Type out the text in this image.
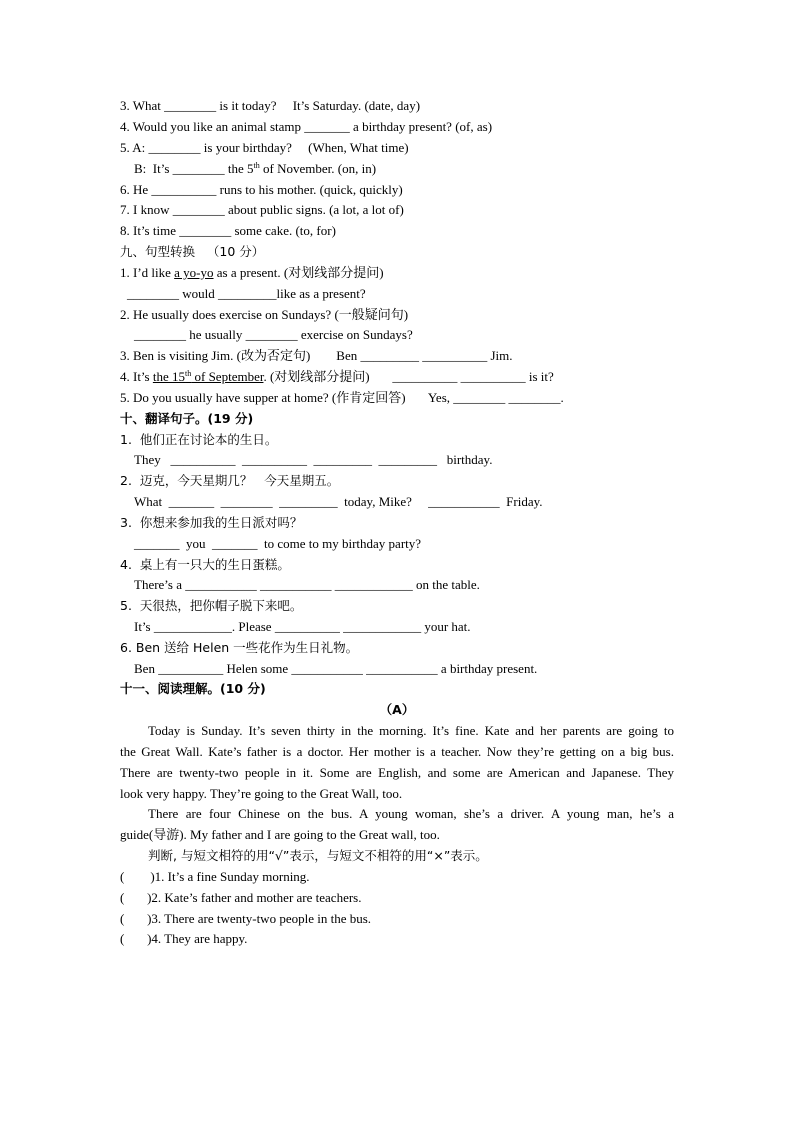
3. What ________ is it today?     It’s Saturday. (date, day)
4. Would you like an animal stamp _______ a birthday present? (of, as)
5. A: ________ is your birthday?     (When, What time)
B:  It’s ________ the 5th of November. (on, in)
6. He __________ runs to his mother. (quick, quickly)
7. I know ________ about public signs. (a lot, a lot of)
8. It’s time ________ some cake. (to, for)
九、句型转换   （10 分）
1. I’d like a yo-yo as a present. (对划线部分提问)
________ would _________like as a present?
2. He usually does exercise on Sundays? (一般疑问句)
________ he usually ________ exercise on Sundays?
3. Ben is visiting Jim. (改为否定句)        Ben _________ __________ Jim.
4. It’s the 15th of September. (对划线部分提问)       __________ __________ is it?
5. Do you usually have supper at home? (作肯定回答)       Yes, ________ ________.
十、翻译句子。(19 分)
1.  他们正在讨论本的生日。
They   __________  __________  _________  _________   birthday.
2.  迈克，今天星期几？   今天星期五。
What  _______  ________  _________  today, Mike?     ___________  Friday.
3.  你想来参加我的生日派对吗？
_______  you  _______  to come to my birthday party?
4.  桌上有一只大的生日蛋糕。
There’s a ___________ ___________ ____________ on the table.
5.  天很热，把你帽子脱下来吧。
It’s ____________. Please __________ ____________ your hat.
6. Ben 送给 Helen 一些花作为生日礼物。
Ben __________ Helen some ___________ ___________ a birthday present.
十一、阅读理解。(10 分)
（A）
Today is Sunday. It’s seven thirty in the morning. It’s fine. Kate and her parents are going to
the Great Wall. Kate’s father is a doctor. Her mother is a teacher. Now they’re getting on a big bus.
There are twenty-two people in it. Some are English, and some are American and Japanese. They
look very happy. They’re going to the Great Wall, too.
There are four Chinese on the bus. A young woman, she’s a driver. A young man, he’s a
guide(导游). My father and I are going to the Great wall, too.
判断, 与短文相符的用“√”表示，与短文不相符的用“×”表示。
(        )1. It’s a fine Sunday morning.
(       )2. Kate’s father and mother are teachers.
(       )3. There are twenty-two people in the bus.
(       )4. They are happy.
